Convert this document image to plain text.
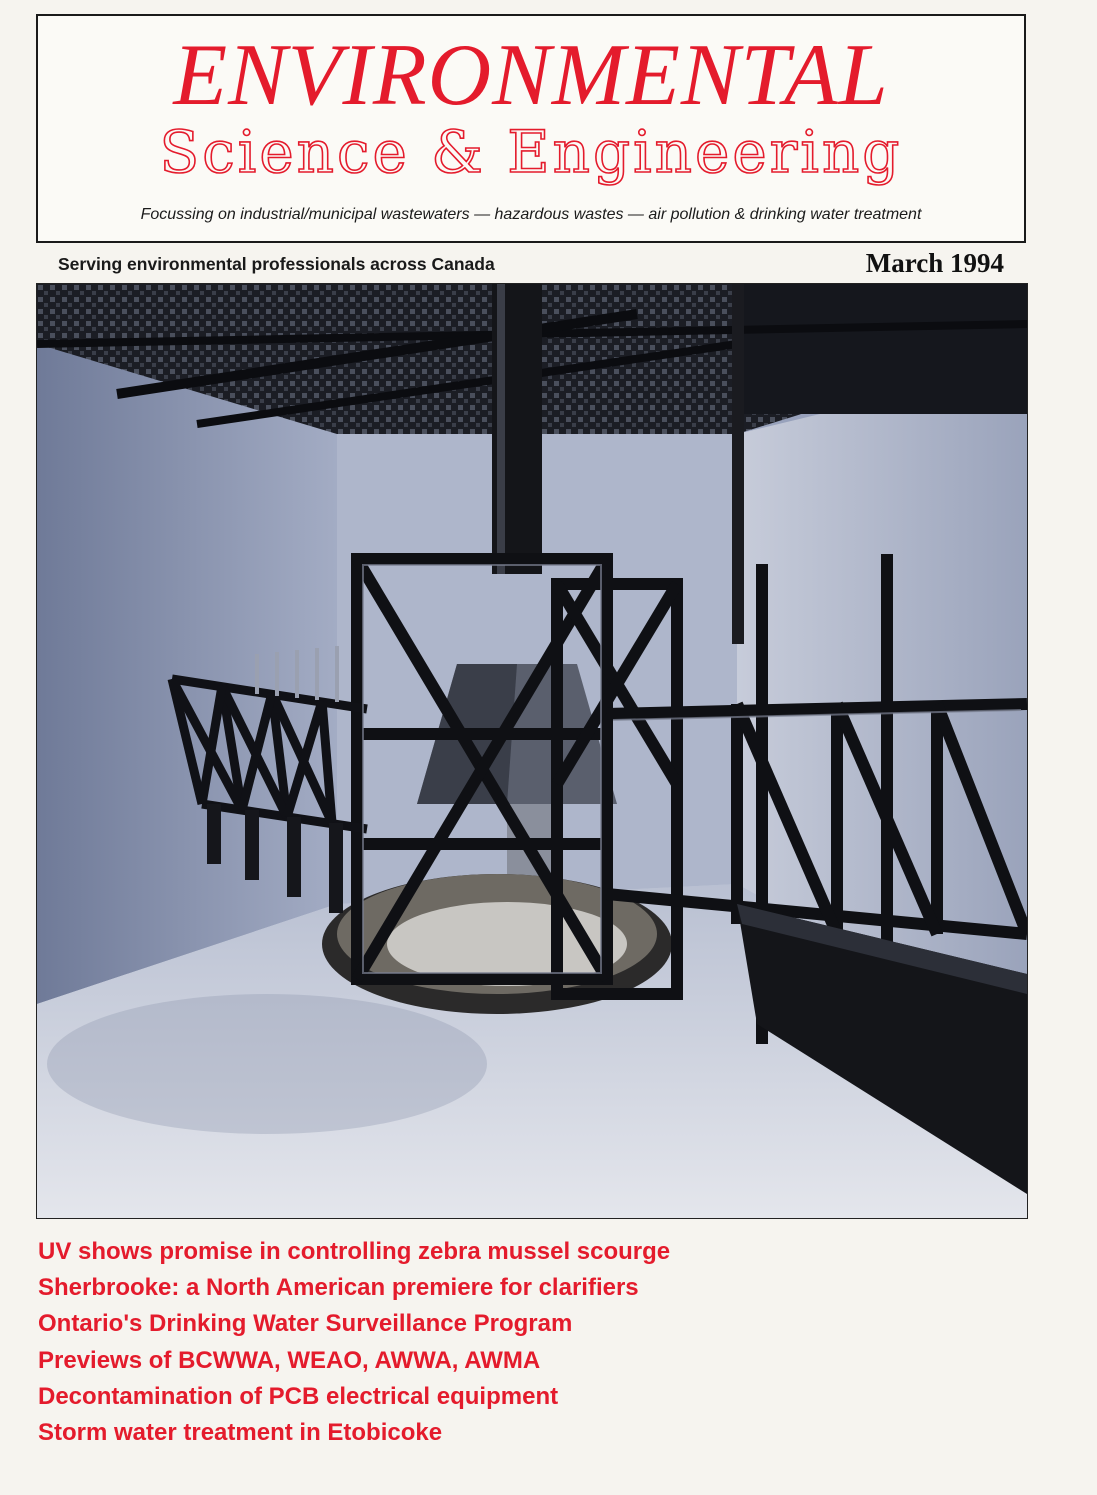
ENVIRONMENTAL
Science & Engineering
Focussing on industrial/municipal wastewaters — hazardous wastes — air pollution & drinking water treatment
Serving environmental professionals across Canada	March 1994
UV shows promise in controlling zebra mussel scourge
Sherbrooke: a North American premiere for clarifiers
Ontario's Drinking Water Surveillance Program
Previews of BCWWA, WEAO, AWWA, AWMA
Decontamination of PCB electrical equipment
Storm water treatment in Etobicoke
